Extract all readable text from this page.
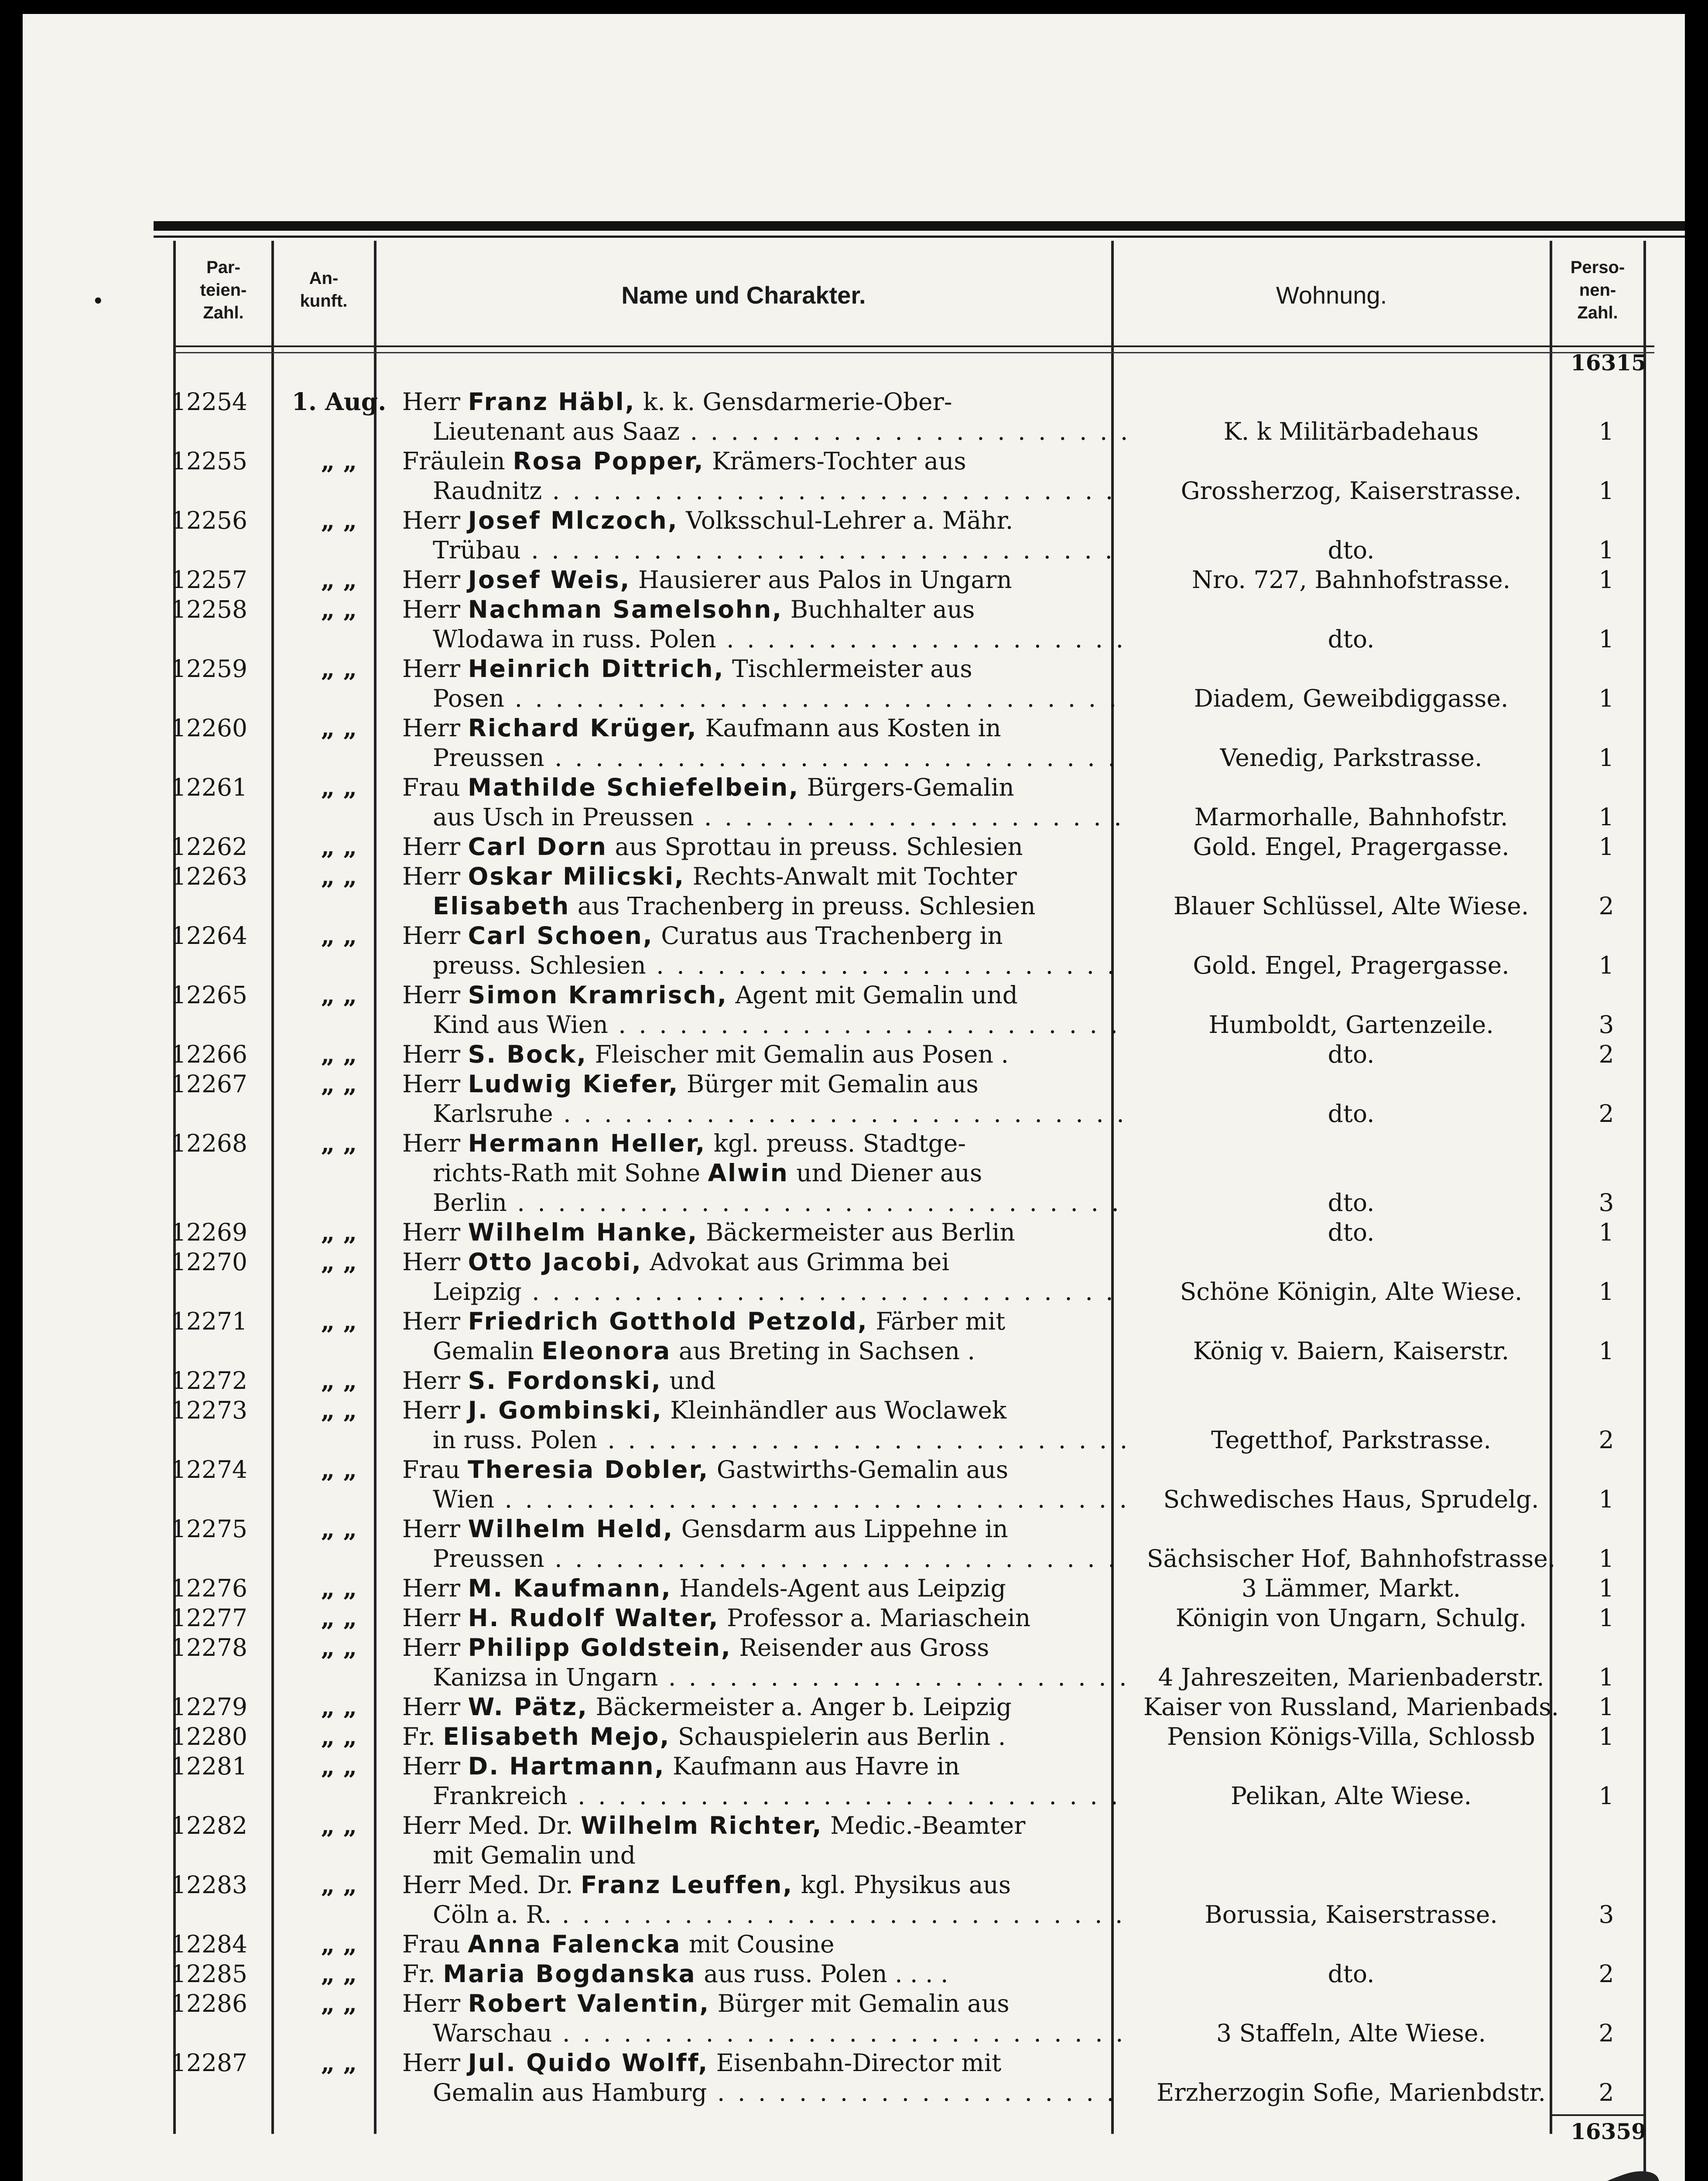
•
Par-
teien-
Zahl.
An-
kunft.	Name und Charakter.	Wohnung.
Perso-
nen-
Zahl.
16315
16359
12254	1. Aug. Herr Franz Häbl, k. k. Gensdarmerie-Ober-
Lieutenant aus Saaz . . .	K. k Militärbadehaus	1
12255	„ „	Fräulein Rosa Popper, Krämers-Tochter aus
Raudnitz . . .	Grossherzog, Kaiserstrasse.	1
12256	„ „	Herr Josef Mlczoch, Volksschul-Lehrer a. Mähr.
Trübau . . .	dto.	1
12257	„ „	Herr Josef Weis, Hausierer aus Palos in Ungarn	Nro. 727, Bahnhofstrasse.	1
12258	„ „	Herr Nachman Samelsohn, Buchhalter aus
Wlodawa in russ. Polen . . .	dto.	1
12259	„ „	Herr Heinrich Dittrich, Tischlermeister aus
Posen . . .	Diadem, Geweibdiggasse.	1
12260	„ „	Herr Richard Krüger, Kaufmann aus Kosten in
Preussen . . .	Venedig, Parkstrasse.	1
12261	„ „	Frau Mathilde Schiefelbein, Bürgers-Gemalin
aus Usch in Preussen . . .	Marmorhalle, Bahnhofstr.	1
12262	„ „	Herr Carl Dorn aus Sprottau in preuss. Schlesien	Gold. Engel, Pragergasse.	1
12263	„ „	Herr Oskar Milicski, Rechts-Anwalt mit Tochter
Elisabeth aus Trachenberg in preuss. Schlesien	Blauer Schlüssel, Alte Wiese.	2
12264	„ „	Herr Carl Schoen, Curatus aus Trachenberg in
preuss. Schlesien . . .	Gold. Engel, Pragergasse.	1
12265	„ „	Herr Simon Kramrisch, Agent mit Gemalin und
Kind aus Wien . . .	Humboldt, Gartenzeile.	3
12266	„ „	Herr S. Bock, Fleischer mit Gemalin aus Posen .	dto.	2
12267	„ „	Herr Ludwig Kiefer, Bürger mit Gemalin aus
Karlsruhe . . .	dto.	2
12268	„ „	Herr Hermann Heller, kgl. preuss. Stadtge-
richts-Rath mit Sohne Alwin und Diener aus
Berlin . . .	dto.	3
12269	„ „	Herr Wilhelm Hanke, Bäckermeister aus Berlin	dto.	1
12270	„ „	Herr Otto Jacobi, Advokat aus Grimma bei
Leipzig . . .	Schöne Königin, Alte Wiese.	1
12271	„ „	Herr Friedrich Gotthold Petzold, Färber mit
Gemalin Eleonora aus Breting in Sachsen .	König v. Baiern, Kaiserstr.	1
12272	„ „	Herr S. Fordonski, und
12273	„ „	Herr J. Gombinski, Kleinhändler aus Woclawek
in russ. Polen . . .	Tegetthof, Parkstrasse.	2
12274	„ „	Frau Theresia Dobler, Gastwirths-Gemalin aus
Wien . . .	Schwedisches Haus, Sprudelg.	1
12275	„ „	Herr Wilhelm Held, Gensdarm aus Lippehne in
Preussen . . .	Sächsischer Hof, Bahnhofstrasse.	1
12276	„ „	Herr M. Kaufmann, Handels-Agent aus Leipzig	3 Lämmer, Markt.	1
12277	„ „	Herr H. Rudolf Walter, Professor a. Mariaschein	Königin von Ungarn, Schulg.	1
12278	„ „	Herr Philipp Goldstein, Reisender aus Gross
Kanizsa in Ungarn . . .	4 Jahreszeiten, Marienbaderstr.	1
12279	„ „	Herr W. Pätz, Bäckermeister a. Anger b. Leipzig	Kaiser von Russland, Marienbads.	1
12280	„ „	Fr. Elisabeth Mejo, Schauspielerin aus Berlin .	Pension Königs-Villa, Schlossb	1
12281	„ „	Herr D. Hartmann, Kaufmann aus Havre in
Frankreich . . .	Pelikan, Alte Wiese.	1
12282	„ „	Herr Med. Dr. Wilhelm Richter, Medic.-Beamter
mit Gemalin und
12283	„ „	Herr Med. Dr. Franz Leuffen, kgl. Physikus aus
Cöln a. R. . . .	Borussia, Kaiserstrasse.	3
12284	„ „	Frau Anna Falencka mit Cousine
12285	„ „	Fr. Maria Bogdanska aus russ. Polen . . . .	dto.	2
12286	„ „	Herr Robert Valentin, Bürger mit Gemalin aus
Warschau . . .	3 Staffeln, Alte Wiese.	2
12287	„ „	Herr Jul. Quido Wolff, Eisenbahn-Director mit
Gemalin aus Hamburg . . .	Erzherzogin Sofie, Marienbdstr.	2
